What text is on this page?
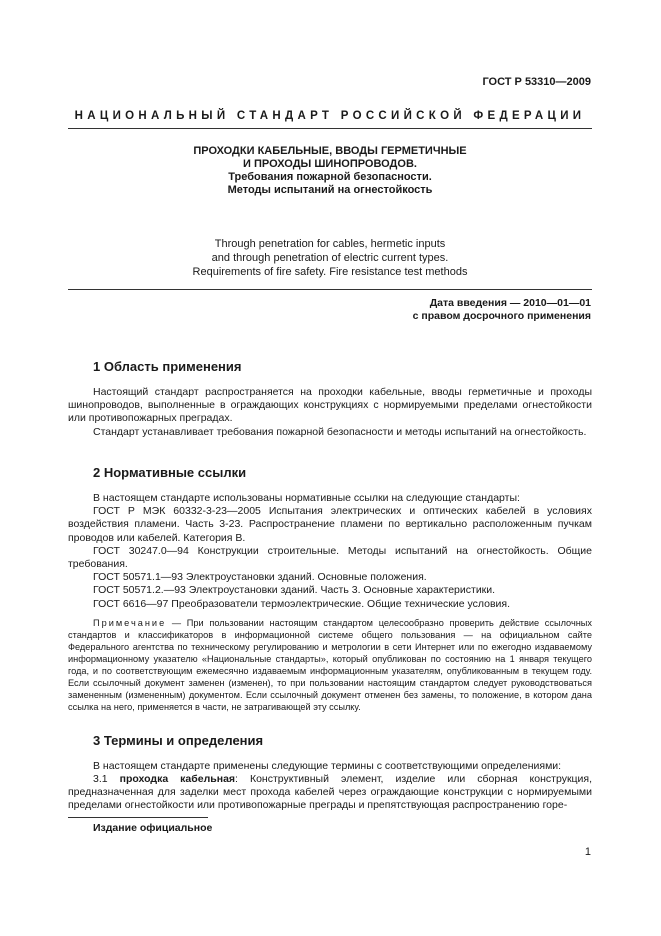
ГОСТ Р 53310—2009
НАЦИОНАЛЬНЫЙ СТАНДАРТ РОССИЙСКОЙ ФЕДЕРАЦИИ
ПРОХОДКИ КАБЕЛЬНЫЕ, ВВОДЫ ГЕРМЕТИЧНЫЕ
И ПРОХОДЫ ШИНОПРОВОДОВ.
Требования пожарной безопасности.
Методы испытаний на огнестойкость
Through penetration for cables, hermetic inputs
and through penetration of electric current types.
Requirements of fire safety. Fire resistance test methods
Дата введения — 2010—01—01
с правом досрочного применения
1 Область применения
Настоящий стандарт распространяется на проходки кабельные, вводы герметичные и проходы шинопроводов, выполненные в ограждающих конструкциях с нормируемыми пределами огнестойкости или противопожарных преградах.
Стандарт устанавливает требования пожарной безопасности и методы испытаний на огнестойкость.
2 Нормативные ссылки
В настоящем стандарте использованы нормативные ссылки на следующие стандарты:
ГОСТ Р МЭК 60332-3-23—2005 Испытания электрических и оптических кабелей в условиях воздействия пламени. Часть 3-23. Распространение пламени по вертикально расположенным пучкам проводов или кабелей. Категория В.
ГОСТ 30247.0—94 Конструкции строительные. Методы испытаний на огнестойкость. Общие требования.
ГОСТ 50571.1—93 Электроустановки зданий. Основные положения.
ГОСТ 50571.2.—93 Электроустановки зданий. Часть 3. Основные характеристики.
ГОСТ 6616—97 Преобразователи термоэлектрические. Общие технические условия.
Примечание — При пользовании настоящим стандартом целесообразно проверить действие ссылочных стандартов и классификаторов в информационной системе общего пользования — на официальном сайте Федерального агентства по техническому регулированию и метрологии в сети Интернет или по ежегодно издаваемому информационному указателю «Национальные стандарты», который опубликован по состоянию на 1 января текущего года, и по соответствующим ежемесячно издаваемым информационным указателям, опубликованным в текущем году. Если ссылочный документ заменен (изменен), то при пользовании настоящим стандартом следует руководствоваться замененным (измененным) документом. Если ссылочный документ отменен без замены, то положение, в котором дана ссылка на него, применяется в части, не затрагивающей эту ссылку.
3 Термины и определения
В настоящем стандарте применены следующие термины с соответствующими определениями:
3.1 проходка кабельная: Конструктивный элемент, изделие или сборная конструкция, предназначенная для заделки мест прохода кабелей через ограждающие конструкции с нормируемыми пределами огнестойкости или противопожарные преграды и препятствующая распространению горе-
Издание официальное
1
